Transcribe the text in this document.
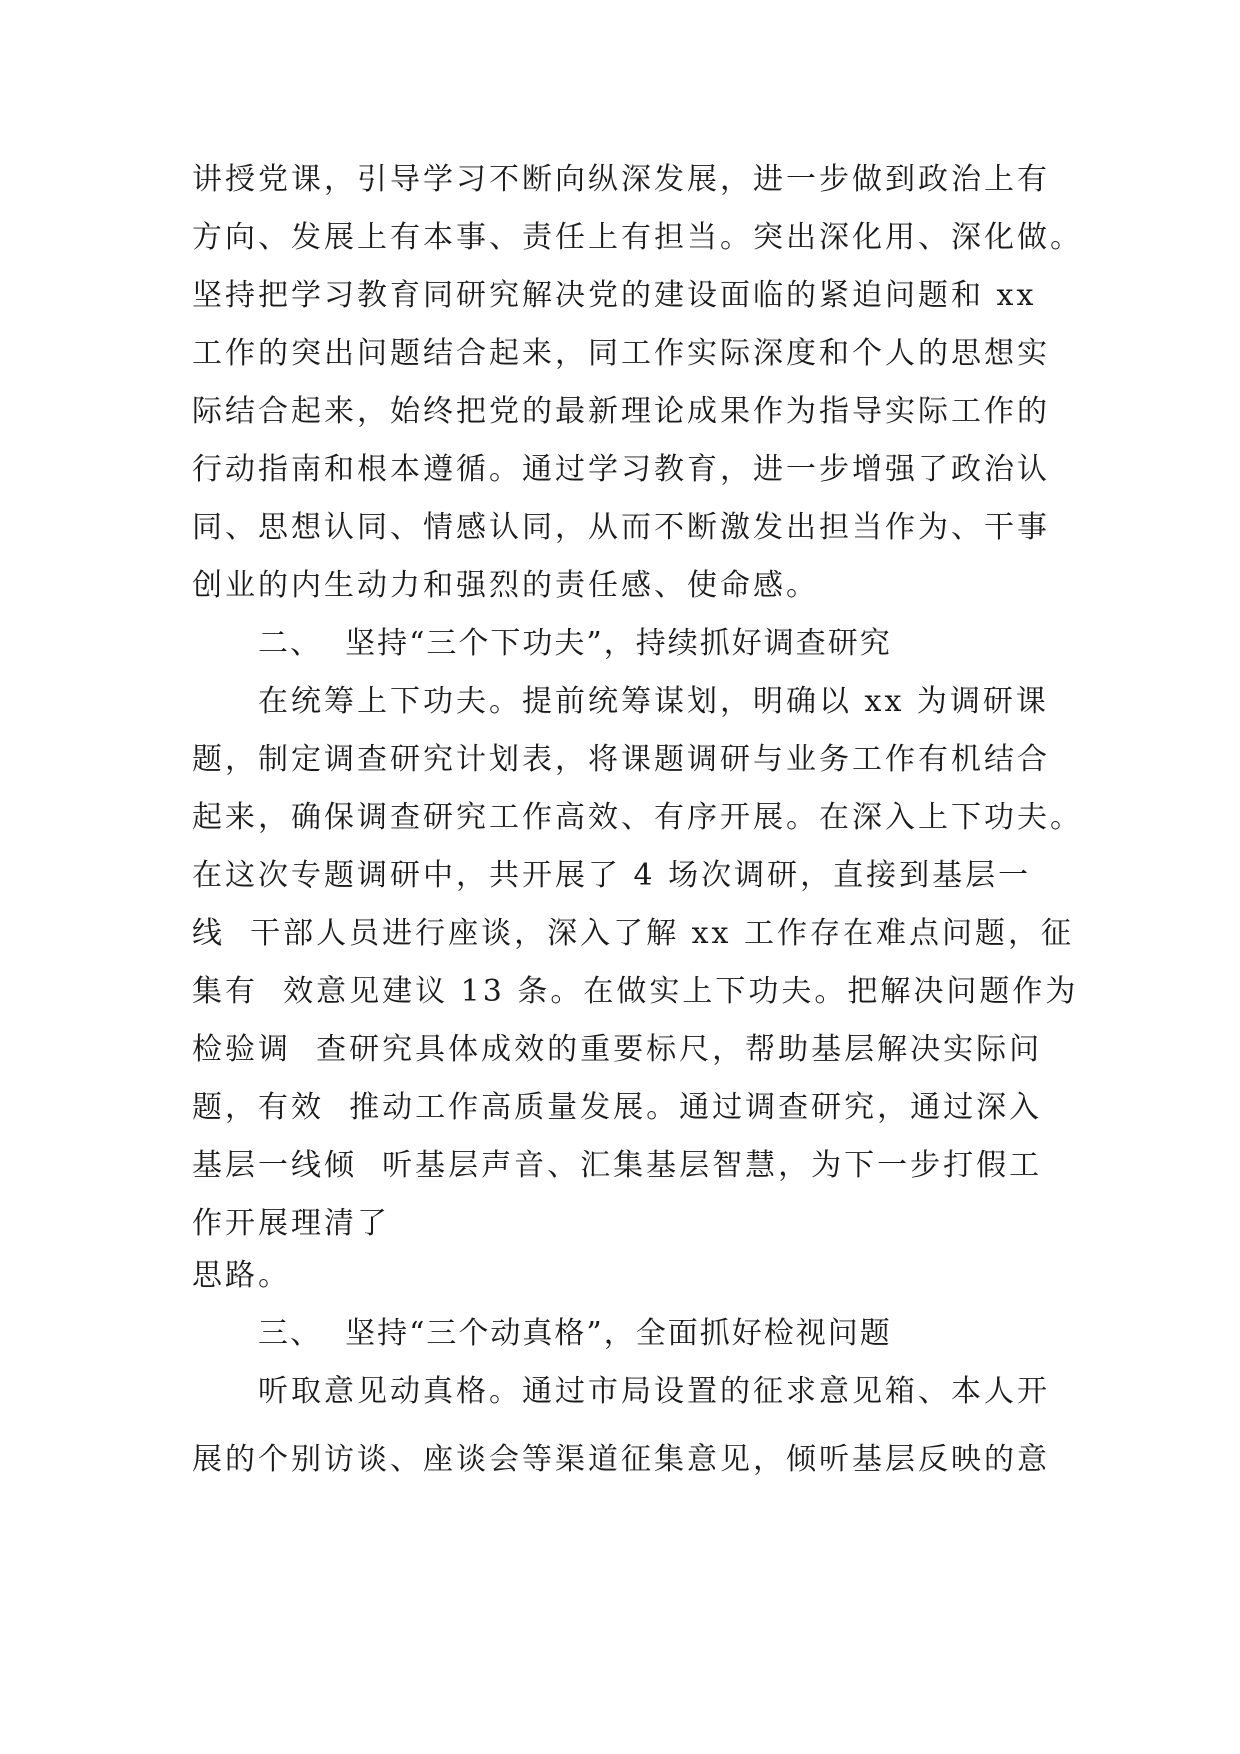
讲授党课，引导学习不断向纵深发展，进一步做到政治上有

方向、发展上有本事、责任上有担当。突出深化用、深化做。

坚持把学习教育同研究解决党的建设面临的紧迫问题和 xx

工作的突出问题结合起来，同工作实际深度和个人的思想实

际结合起来，始终把党的最新理论成果作为指导实际工作的

行动指南和根本遵循。通过学习教育，进一步增强了政治认

同、思想认同、情感认同，从而不断激发出担当作为、干事

创业的内生动力和强烈的责任感、使命感。

二、  坚持“三个下功夫”，持续抓好调查研究

在统筹上下功夫。提前统筹谋划，明确以 xx 为调研课

题，制定调查研究计划表，将课题调研与业务工作有机结合

起来，确保调查研究工作高效、有序开展。在深入上下功夫。

在这次专题调研中，共开展了 4 场次调研，直接到基层一

线  干部人员进行座谈，深入了解 xx 工作存在难点问题，征

集有  效意见建议 13 条。在做实上下功夫。把解决问题作为

检验调  查研究具体成效的重要标尺，帮助基层解决实际问

题，有效  推动工作高质量发展。通过调查研究，通过深入

基层一线倾  听基层声音、汇集基层智慧，为下一步打假工

作开展理清了

思路。

三、  坚持“三个动真格”，全面抓好检视问题

听取意见动真格。通过市局设置的征求意见箱、本人开

展的个别访谈、座谈会等渠道征集意见，倾听基层反映的意
